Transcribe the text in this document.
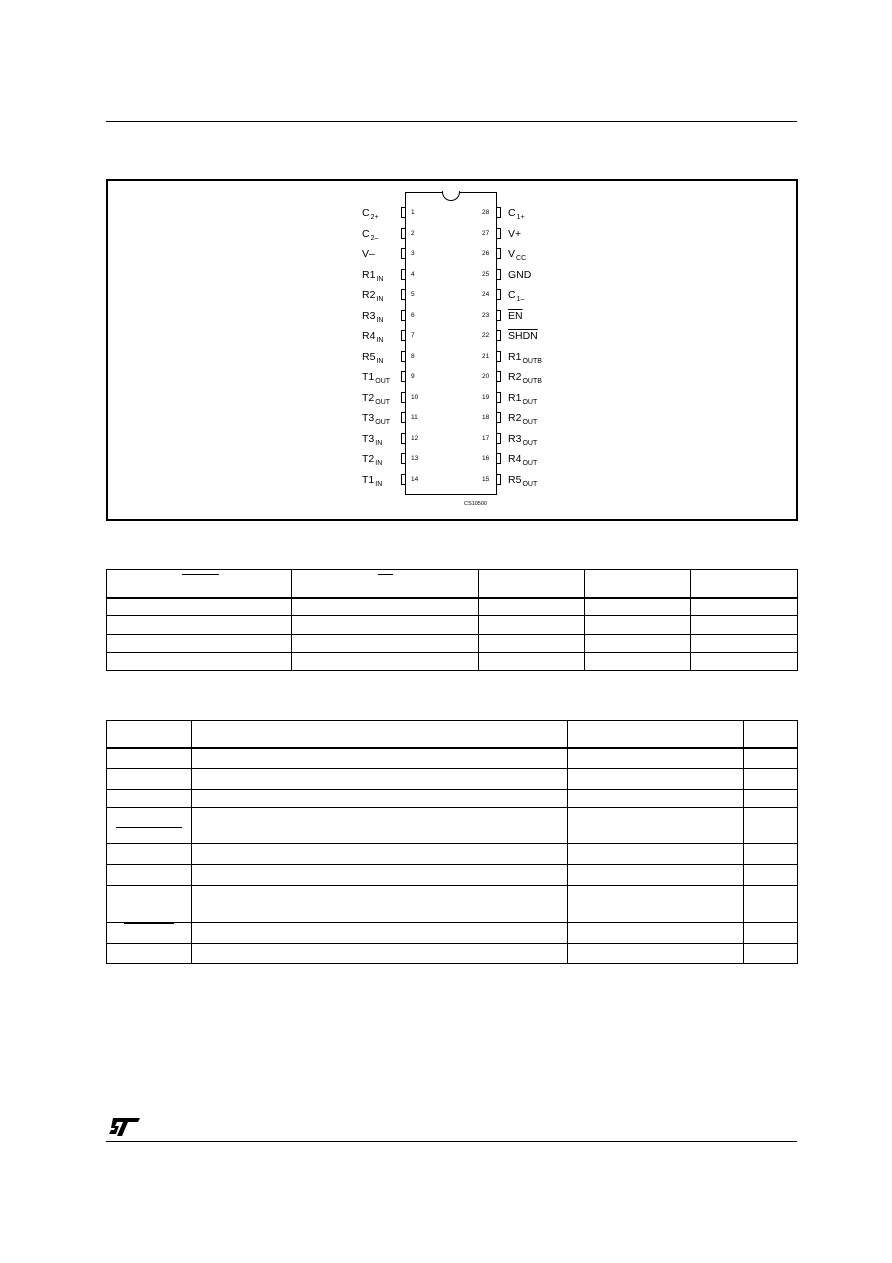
$C_{2+}$
1
$C_{2-}$
2
V–	3
$R1_{IN}$
4
$R2_{IN}$
5
$R3_{IN}$
6
$R4_{IN}$
7
$R5_{IN}$
8
$T1_{OUT}$
9
$T2_{OUT}$
10
$T3_{OUT}$
11
$T3_{IN}$
12
$T2_{IN}$
13
$T1_{IN}$
14
28 $C_{1+}$
27 V+
26 $V_{CC}$
25 GND
24 $C_{1-}$
23 $\overline{EN}$
22 SHDN
21 $R1_{OUTB}$
20 $R2_{OUTB}$
19 $R1_{OUT}$
18 $R2_{OUT}$
17 $R3_{OUT}$
16 $R4_{OUT}$
15 $R5_{OUT}$
CS10500
